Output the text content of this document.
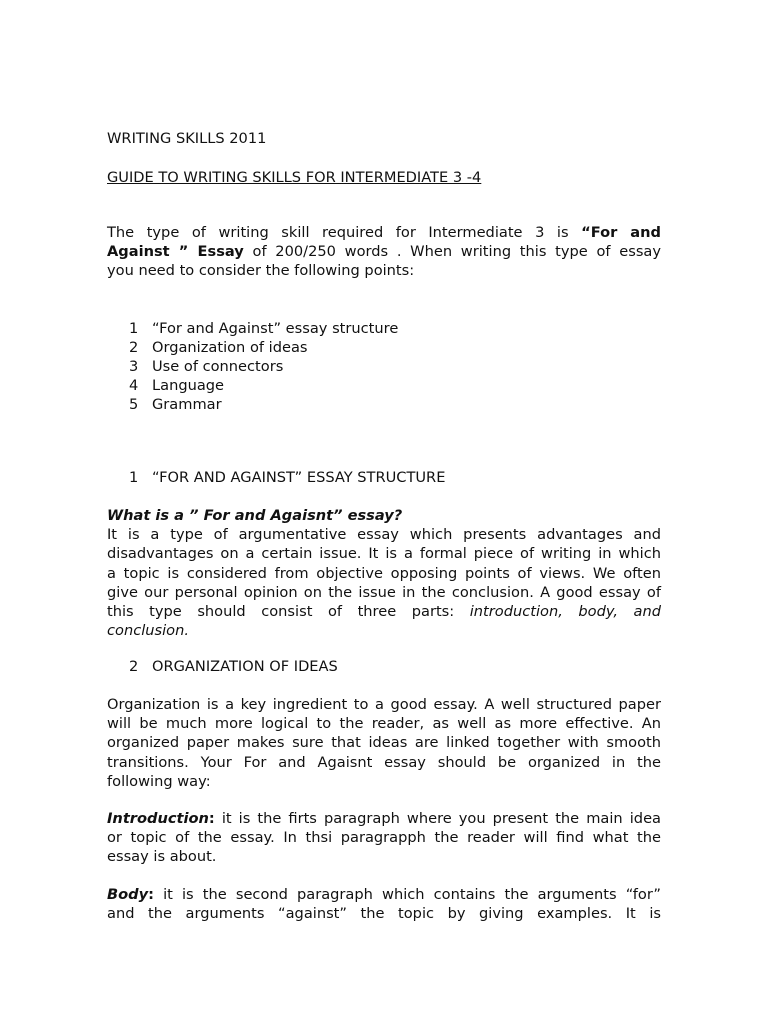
WRITING SKILLS 2011
GUIDE TO WRITING SKILLS FOR INTERMEDIATE 3 -4
The type of writing skill required for Intermediate 3 is “For and
Against ” Essay of 200/250 words . When writing this type of essay
you need to consider the following points:
1 “For and Against” essay structure
2 Organization of ideas
3 Use of connectors
4 Language
5 Grammar
1 “FOR AND AGAINST” ESSAY STRUCTURE
What is a ” For and Agaisnt” essay?
It is a type of argumentative essay which presents advantages and
disadvantages on a certain issue. It is a formal piece of writing in which
a topic is considered from objective opposing points of views. We often
give our personal opinion on the issue in the conclusion. A good essay of
this type should consist of three parts: introduction, body, and
conclusion.
2 ORGANIZATION OF IDEAS
Organization is a key ingredient to a good essay. A well structured paper
will be much more logical to the reader, as well as more effective. An
organized paper makes sure that ideas are linked together with smooth
transitions. Your For and Agaisnt essay should be organized in the
following way:
Introduction: it is the firts paragraph where you present the main idea
or topic of the essay. In thsi paragrapph the reader will find what the
essay is about.
Body: it is the second paragraph which contains the arguments “for”
and the arguments “against” the topic by giving examples. It is
